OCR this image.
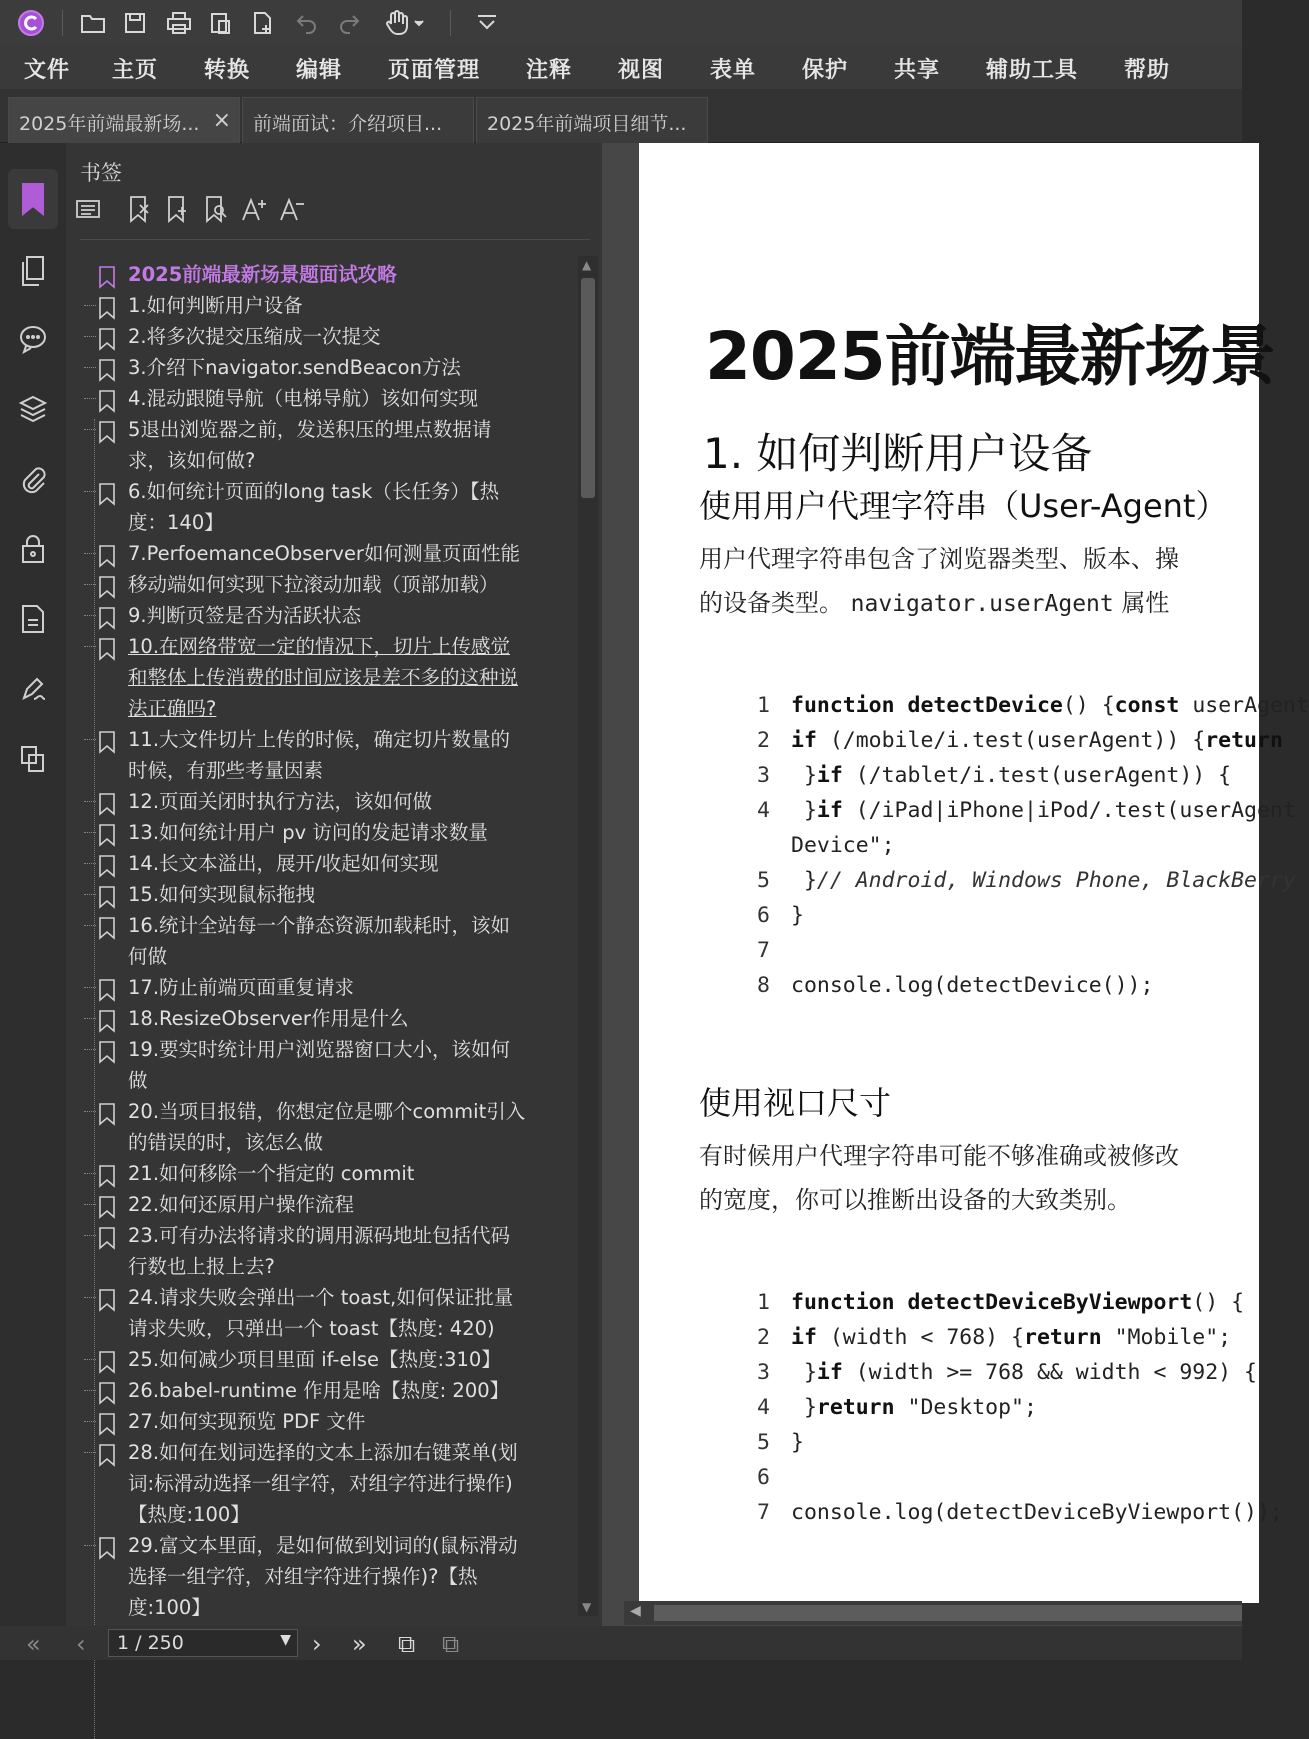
文件 主页 转换 编辑 页面管理 注释 视图 表单 保护 共享 辅助工具 帮助
2025年前端最新场... ×	前端面试：介绍项目...	2025年前端项目细节...
书签
2025前端最新场景题面试攻略
1.如何判断用户设备
2.将多次提交压缩成一次提交
3.介绍下navigator.sendBeacon方法
4.混动跟随导航（电梯导航）该如何实现
5退出浏览器之前，发送积压的埋点数据请求，该如何做?
6.如何统计页面的long task（长任务）【热度：140】
7.PerfoemanceObserver如何测量页面性能
移动端如何实现下拉滚动加载（顶部加载）
9.判断页签是否为活跃状态
10.在网络带宽一定的情况下，切片上传感觉和整体上传消费的时间应该是差不多的这种说法正确吗?
11.大文件切片上传的时候，确定切片数量的时候，有那些考量因素
12.页面关闭时执行方法，该如何做
13.如何统计用户 pv 访问的发起请求数量
14.长文本溢出，展开/收起如何实现
15.如何实现鼠标拖拽
16.统计全站每一个静态资源加载耗时，该如何做
17.防止前端页面重复请求
18.ResizeObserver作用是什么
19.要实时统计用户浏览器窗口大小，该如何做
20.当项目报错，你想定位是哪个commit引入的错误的时，该怎么做
21.如何移除一个指定的 commit
22.如何还原用户操作流程
23.可有办法将请求的调用源码地址包括代码行数也上报上去?
24.请求失败会弹出一个 toast,如何保证批量请求失败，只弹出一个 toast【热度: 420)
25.如何减少项目里面 if-else【热度:310】
26.babel-runtime 作用是啥【热度: 200】
27.如何实现预览 PDF 文件
28.如何在划词选择的文本上添加右键菜单(划词:标滑动选择一组字符，对组字符进行操作)【热度:100】
29.富文本里面，是如何做到划词的(鼠标滑动选择一组字符，对组字符进行操作)?【热度:100】
▲
▼
2025前端最新场景
1. 如何判断用户设备
使用用户代理字符串（User-Agent）
用户代理字符串包含了浏览器类型、版本、操
的设备类型。 navigator.userAgent 属性
1 function detectDevice() {const userAgent
2 if (/mobile/i.test(userAgent)) {return
3 }if (/tablet/i.test(userAgent)) {
4 }if (/iPad|iPhone|iPod/.test(userAgent
Device";
5 }// Android, Windows Phone, BlackBerry
6 }
7
8 console.log(detectDevice());
使用视口尺寸
有时候用户代理字符串可能不够准确或被修改
的宽度，你可以推断出设备的大致类别。
1 function detectDeviceByViewport() {
2 if (width < 768) {return "Mobile";
3 }if (width >= 768 && width < 992) {
4 }return "Desktop";
5 }
6
7 console.log(detectDeviceByViewport());
◀
« ‹	1 / 250	▼ › » ⧉ ⧉
